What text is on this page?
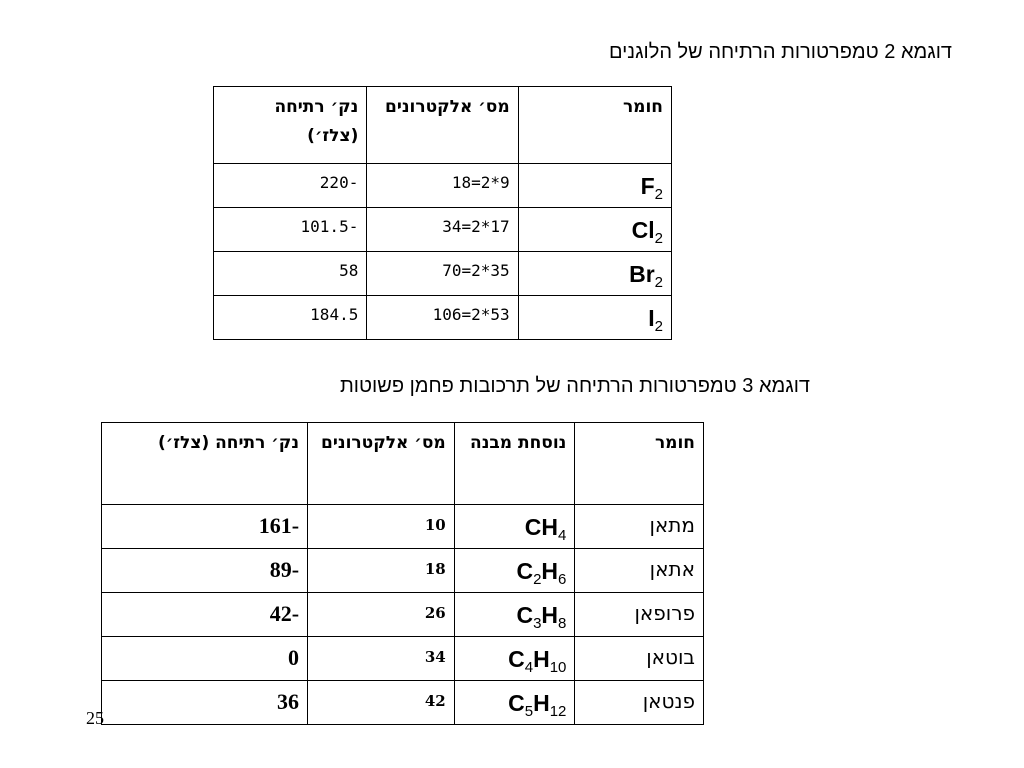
דוגמא 2 טמפרטורות הרתיחה של הלוגנים
חומר	מס׳ אלקטרונים	נק׳ רתיחה (צלז׳)
$F_2$	9*2=18	-220
$Cl_2$	17*2=34	-101.5
$Br_2$	35*2=70	58
$I_2$	53*2=106	184.5
דוגמא 3 טמפרטורות הרתיחה של תרכובות פחמן פשוטות
חומר	נוסחת מבנה	מס׳ אלקטרונים	נק׳ רתיחה (צלז׳)
מתאן	$CH_4$	10	-161
אתאן	$C_2H_6$	18	-89
פרופאן	$C_3H_8$	26	-42
בוטאן	$C_4H_{10}$	34	0
פנטאן	$C_5H_{12}$	42	36
25
